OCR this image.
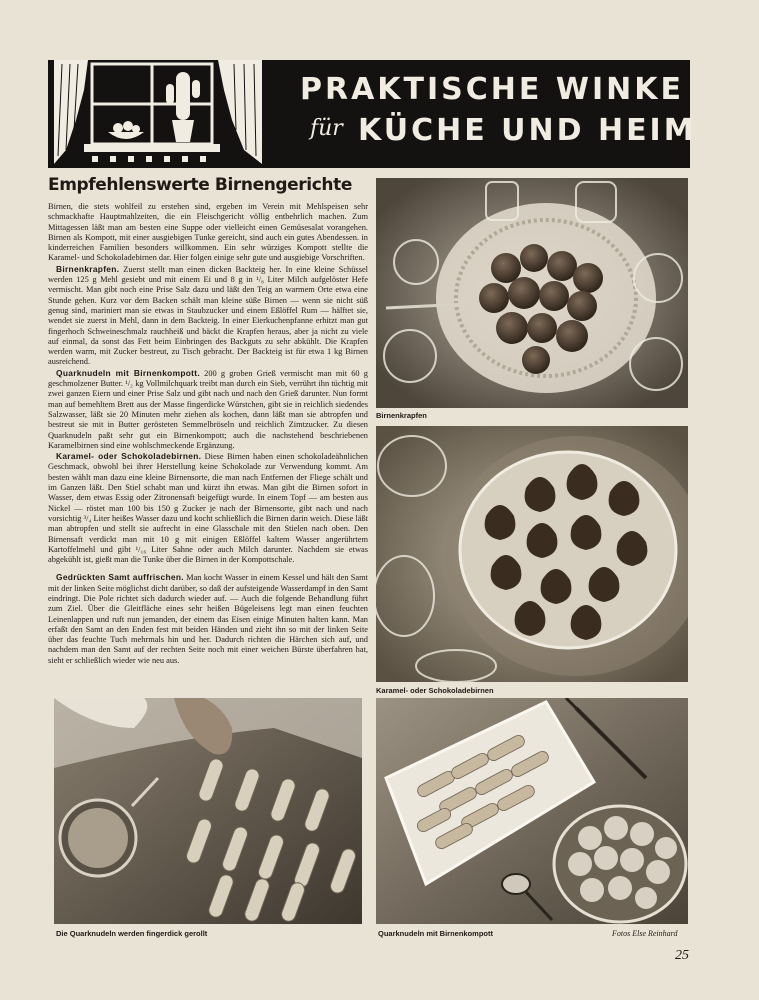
PRAKTISCHE WINKE
für KÜCHE UND HEIM
Empfehlenswerte Birnengerichte

Birnen, die stets wohlfeil zu erstehen sind, ergeben im Verein mit Mehlspeisen sehr schmackhafte Hauptmahlzeiten, die ein Fleischgericht völlig entbehrlich machen. Zum Mittagessen läßt man am besten eine Suppe oder vielleicht einen Gemüsesalat vorangehen. Birnen als Kompott, mit einer ausgiebigen Tunke gereicht, sind auch ein gutes Abendessen. in kinderreichen Familien besonders willkommen. Ein sehr würziges Kompott stellte die Karamel- und Schokoladebirnen dar. Hier folgen einige sehr gute und ausgiebige Vorschriften.

Birnenkrapfen. Zuerst stellt man einen dicken Backteig her. In eine kleine Schüssel werden 125 g Mehl gesiebt und mit einem Ei und 8 g in ¹/₈ Liter Milch aufgelöster Hefe vermischt. Man gibt noch eine Prise Salz dazu und läßt den Teig an warmem Orte etwa eine Stunde gehen. Kurz vor dem Backen schält man kleine süße Birnen — wenn sie nicht süß genug sind, mariniert man sie etwas in Staubzucker und einem Eßlöffel Rum — hälftet sie, wendet sie zuerst in Mehl, dann in dem Backteig. In einer Eierkuchenpfanne erhitzt man gut fingerhoch Schweineschmalz rauchheiß und bäckt die Krapfen heraus, aber ja nicht zu viele auf einmal, da sonst das Fett beim Einbringen des Backguts zu sehr abkühlt. Die Krapfen werden warm, mit Zucker bestreut, zu Tisch gebracht. Der Backteig ist für etwa 1 kg Birnen ausreichend.

Quarknudeln mit Birnenkompott. 200 g groben Grieß vermischt man mit 60 g geschmolzener Butter. ¹/₂ kg Vollmilchquark treibt man durch ein Sieb, verrührt ihn tüchtig mit zwei ganzen Eiern und einer Prise Salz und gibt nach und nach den Grieß darunter. Nun formt man auf bemehltem Brett aus der Masse fingerdicke Würstchen, gibt sie in reichlich siedendes Salzwasser, läßt sie 20 Minuten mehr ziehen als kochen, dann läßt man sie abtropfen und bestreut sie mit in Butter gerösteten Semmelbröseln und reichlich Zimtzucker. Zu diesen Quarknudeln paßt sehr gut ein Birnenkompott; auch die nachstehend beschriebenen Karamelbirnen sind eine wohlschmeckende Ergänzung.

Karamel- oder Schokoladebirnen. Diese Birnen haben einen schokoladeähnlichen Geschmack, obwohl bei ihrer Herstellung keine Schokolade zur Verwendung kommt. Am besten wählt man dazu eine kleine Birnensorte, die man nach Entfernen der Fliege schält und im Ganzen läßt. Den Stiel schabt man und kürzt ihn etwas. Man gibt die Birnen sofort in Wasser, dem etwas Essig oder Zitronensaft beigefügt wurde. In einem Topf — am besten aus Nickel — röstet man 100 bis 150 g Zucker je nach der Birnensorte, gibt nach und nach vorsichtig ³/₄ Liter heißes Wasser dazu und kocht schließlich die Birnen darin weich. Diese läßt man abtropfen und stellt sie aufrecht in eine Glasschale mit den Stielen nach oben. Den Birnensaft verdickt man mit 10 g mit einigen Eßlöffel kaltem Wasser angerührtem Kartoffelmehl und gibt ¹/₁₆ Liter Sahne oder auch Milch darunter. Nachdem sie etwas abgekühlt ist, gießt man die Tunke über die Birnen in der Kompottschale.

Gedrückten Samt auffrischen. Man kocht Wasser in einem Kessel und hält den Samt mit der linken Seite möglichst dicht darüber, so daß der aufsteigende Wasserdampf in den Samt eindringt. Die Pole richtet sich dadurch wieder auf. — Auch die folgende Behandlung führt zum Ziel. Über die Gleitfläche eines sehr heißen Bügeleisens legt man einen feuchten Leinenlappen und ruft nun jemanden, der einem das Eisen einige Minuten halten kann. Man erfaßt den Samt an den Enden fest mit beiden Händen und zieht ihn so mit der linken Seite über das feuchte Tuch mehrmals hin und her. Dadurch richten die Härchen sich auf, und nachdem man den Samt auf der rechten Seite noch mit einer weichen Bürste überfahren hat, sieht er schließlich wieder wie neu aus.

Birnenkrapfen
Karamel- oder Schokoladebirnen
Die Quarknudeln werden fingerdick gerollt	Quarknudeln mit Birnenkompott	Fotos Else Reinhard
25
